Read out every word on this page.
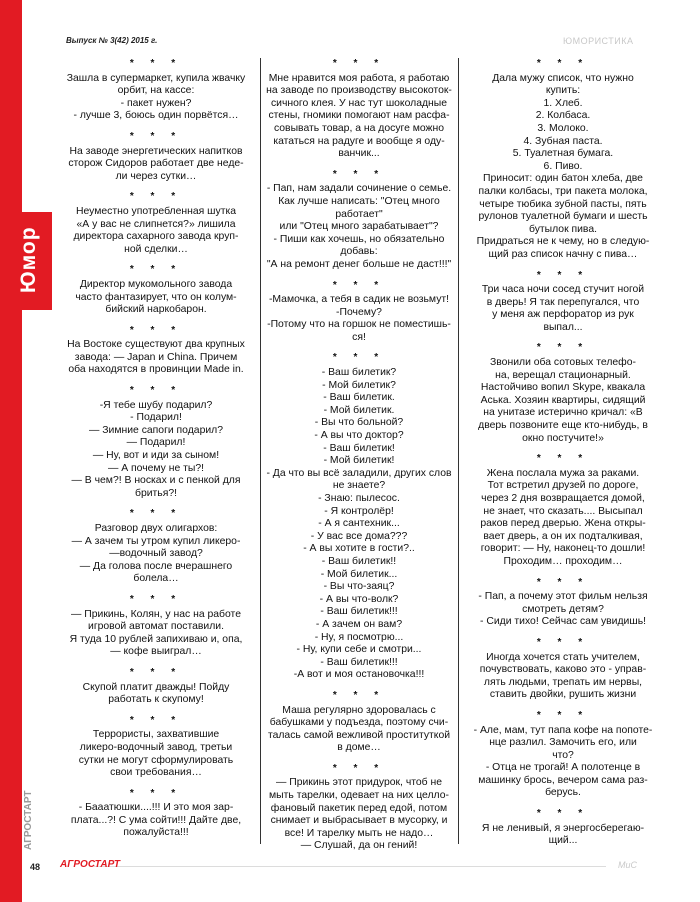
Юмор
АГРОСТАРТ
Выпуск № 3(42) 2015 г.	ЮМОРИСТИКА
* * *
Зашла в супермаркет, купила жвачку
орбит, на кассе:
- пакет нужен?
- лучше 3, боюсь один порвётся…
* * *
На заводе энергетических напитков
сторож Сидоров работает две неде-
ли через сутки…
* * *
Неуместно употребленная шутка
«А у вас не слипнется?» лишила
директора сахарного завода круп-
ной сделки…
* * *
Директор мукомольного завода
часто фантазирует, что он колум-
бийский наркобарон.
* * *
На Востоке существуют два крупных
завода: — Japan и China. Причем
оба находятся в провинции Made in.
* * *
-Я тебе шубу подарил?
- Подарил!
— Зимние сапоги подарил?
— Подарил!
— Ну, вот и иди за сыном!
— А почему не ты?!
— В чем?! В носках и с пенкой для
бритья?!
* * *
Разговор двух олигархов:
— А зачем ты утром купил ликеро-
—водочный завод?
— Да голова после вчерашнего
болела…
* * *
— Прикинь, Колян, у нас на работе
игровой автомат поставили.
Я туда 10 рублей запихиваю и, опа,
— кофе выиграл…
* * *
Скупой платит дважды! Пойду
работать к скупому!
* * *
Террористы, захватившие
ликеро-водочный завод, третьи
сутки не могут сформулировать
свои требования…
* * *
- Бааатюшки....!!! И это моя зар-
плата...?! С ума сойти!!! Дайте две,
пожалуйста!!!
* * *
Мне нравится моя работа, я работаю
на заводе по производству высокоток-
сичного клея. У нас тут шоколадные
стены, гномики помогают нам расфа-
совывать товар, а на досуге можно
кататься на радуге и вообще я оду-
ванчик...
* * *
- Пап, нам задали сочинение о семье.
Как лучше написать: "Отец много
работает"
или "Отец много зарабатывает"?
- Пиши как хочешь, но обязательно
добавь:
"А на ремонт денег больше не даст!!!"
* * *
-Мамочка, а тебя в садик не возьмут!
-Почему?
-Потому что на горшок не поместишь-
ся!
* * *
- Ваш билетик?
- Мой билетик?
- Ваш билетик.
- Мой билетик.
- Вы что больной?
- А вы что доктор?
- Ваш билетик!
- Мой билетик!
- Да что вы всё заладили, других слов
не знаете?
- Знаю: пылесос.
- Я контролёр!
- А я сантехник...
- У вас все дома???
- А вы хотите в гости?..
- Ваш билетик!!
- Мой билетик...
- Вы что-заяц?
- А вы что-волк?
- Ваш билетик!!!
- А зачем он вам?
- Ну, я посмотрю...
- Ну, купи себе и смотри...
- Ваш билетик!!!
-А вот и моя остановочка!!!
* * *
Маша регулярно здоровалась с
бабушками у подъезда, поэтому счи-
талась самой вежливой проституткой
в доме…
* * *
— Прикинь этот придурок, чтоб не
мыть тарелки, одевает на них целло-
фановый пакетик перед едой, потом
снимает и выбрасывает в мусорку, и
все! И тарелку мыть не надо…
— Слушай, да он гений!
* * *
Дала мужу список, что нужно
купить:
1. Хлеб.
2. Колбаса.
3. Молоко.
4. Зубная паста.
5. Туалетная бумага.
6. Пиво.
Приносит: один батон хлеба, две
палки колбасы, три пакета молока,
четыре тюбика зубной пасты, пять
рулонов туалетной бумаги и шесть
бутылок пива.
Придраться не к чему, но в следую-
щий раз список начну с пива…
* * *
Три часа ночи сосед стучит ногой
в дверь! Я так перепугался, что
у меня аж перфоратор из рук
выпал...
* * *
Звонили оба сотовых телефо-
на, верещал стационарный.
Настойчиво вопил Skype, квакала
Аська. Хозяин квартиры, сидящий
на унитазе истерично кричал: «В
дверь позвоните еще кто-нибудь, в
окно постучите!»
* * *
Жена послала мужа за раками.
Тот встретил друзей по дороге,
через 2 дня возвращается домой,
не знает, что сказать.... Высыпал
раков перед дверью. Жена откры-
вает дверь, а он их подталкивая,
говорит: — Ну, наконец-то дошли!
Проходим… проходим…
* * *
- Пап, а почему этот фильм нельзя
смотреть детям?
- Сиди тихо! Сейчас сам увидишь!
* * *
Иногда хочется стать учителем,
почувствовать, каково это - управ-
лять людьми, трепать им нервы,
ставить двойки, рушить жизни
* * *
- Але, мам, тут папа кофе на попоте-
нце разлил. Замочить его, или
что?
- Отца не трогай! А полотенце в
машинку брось, вечером сама раз-
берусь.
* * *
Я не ленивый, я энергосберегаю-
щий...
48 АГРОСТАРТ	МиС
